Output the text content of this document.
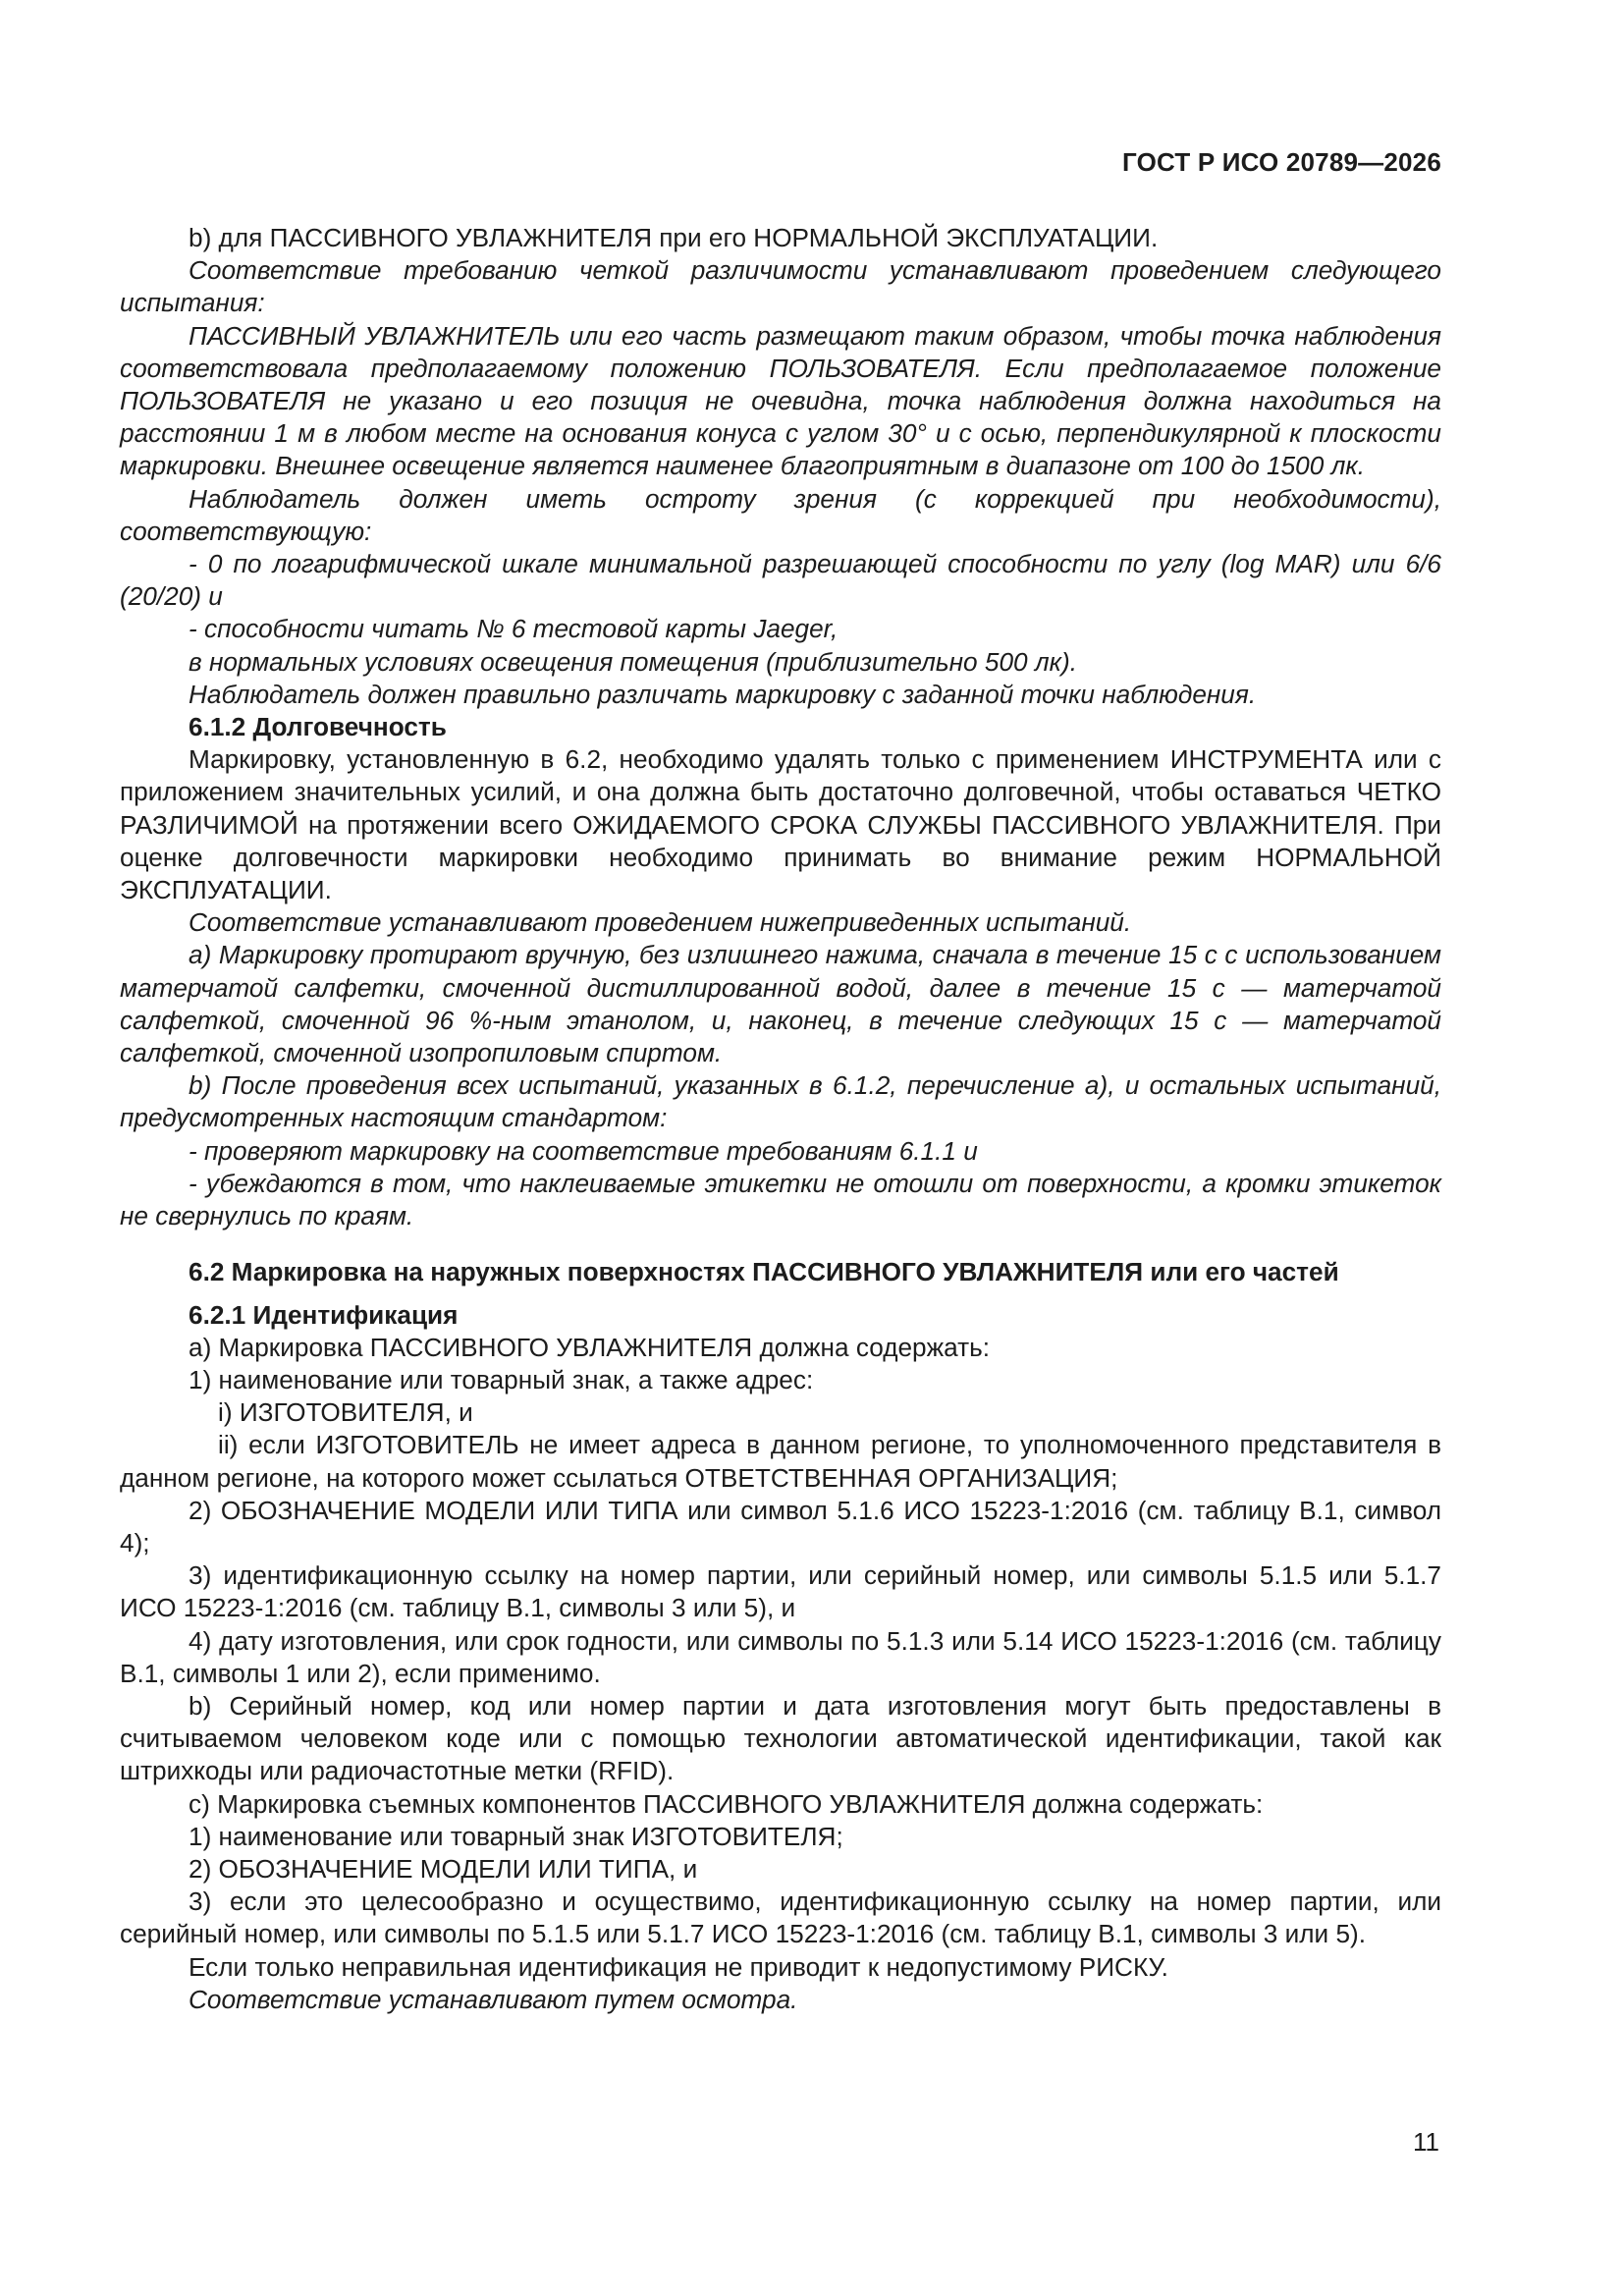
ГОСТ Р ИСО 20789—2026

b) для ПАССИВНОГО УВЛАЖНИТЕЛЯ при его НОРМАЛЬНОЙ ЭКСПЛУАТАЦИИ.

Соответствие требованию четкой различимости устанавливают проведением следующего испытания:

ПАССИВНЫЙ УВЛАЖНИТЕЛЬ или его часть размещают таким образом, чтобы точка наблюдения соответствовала предполагаемому положению ПОЛЬЗОВАТЕЛЯ. Если предполагаемое положение ПОЛЬЗОВАТЕЛЯ не указано и его позиция не очевидна, точка наблюдения должна находиться на расстоянии 1 м в любом месте на основания конуса с углом 30° и с осью, перпендикулярной к плоскости маркировки. Внешнее освещение является наименее благоприятным в диапазоне от 100 до 1500 лк.

Наблюдатель должен иметь остроту зрения (с коррекцией при необходимости), соответствующую:

- 0 по логарифмической шкале минимальной разрешающей способности по углу (log MAR) или 6/6 (20/20) и

- способности читать № 6 тестовой карты Jaeger,

в нормальных условиях освещения помещения (приблизительно 500 лк).

Наблюдатель должен правильно различать маркировку с заданной точки наблюдения.

6.1.2 Долговечность

Маркировку, установленную в 6.2, необходимо удалять только с применением ИНСТРУМЕНТА или с приложением значительных усилий, и она должна быть достаточно долговечной, чтобы оставаться ЧЕТКО РАЗЛИЧИМОЙ на протяжении всего ОЖИДАЕМОГО СРОКА СЛУЖБЫ ПАССИВНОГО УВЛАЖНИТЕЛЯ. При оценке долговечности маркировки необходимо принимать во внимание режим НОРМАЛЬНОЙ ЭКСПЛУАТАЦИИ.

Соответствие устанавливают проведением нижеприведенных испытаний.

a) Маркировку протирают вручную, без излишнего нажима, сначала в течение 15 с с использованием матерчатой салфетки, смоченной дистиллированной водой, далее в течение 15 с — матерчатой салфеткой, смоченной 96 %-ным этанолом, и, наконец, в течение следующих 15 с — матерчатой салфеткой, смоченной изопропиловым спиртом.

b) После проведения всех испытаний, указанных в 6.1.2, перечисление a), и остальных испытаний, предусмотренных настоящим стандартом:

- проверяют маркировку на соответствие требованиям 6.1.1 и

- убеждаются в том, что наклеиваемые этикетки не отошли от поверхности, а кромки этикеток не свернулись по краям.

6.2 Маркировка на наружных поверхностях ПАССИВНОГО УВЛАЖНИТЕЛЯ или его частей

6.2.1 Идентификация

a) Маркировка ПАССИВНОГО УВЛАЖНИТЕЛЯ должна содержать:

1) наименование или товарный знак, а также адрес:

i) ИЗГОТОВИТЕЛЯ, и

ii) если ИЗГОТОВИТЕЛЬ не имеет адреса в данном регионе, то уполномоченного представителя в данном регионе, на которого может ссылаться ОТВЕТСТВЕННАЯ ОРГАНИЗАЦИЯ;

2) ОБОЗНАЧЕНИЕ МОДЕЛИ ИЛИ ТИПА или символ 5.1.6 ИСО 15223-1:2016 (см. таблицу В.1, символ 4);

3) идентификационную ссылку на номер партии, или серийный номер, или символы 5.1.5 или 5.1.7 ИСО 15223-1:2016 (см. таблицу В.1, символы 3 или 5), и

4) дату изготовления, или срок годности, или символы по 5.1.3 или 5.14 ИСО 15223-1:2016 (см. таблицу В.1, символы 1 или 2), если применимо.

b) Серийный номер, код или номер партии и дата изготовления могут быть предоставлены в считываемом человеком коде или с помощью технологии автоматической идентификации, такой как штрихкоды или радиочастотные метки (RFID).

c) Маркировка съемных компонентов ПАССИВНОГО УВЛАЖНИТЕЛЯ должна содержать:

1) наименование или товарный знак ИЗГОТОВИТЕЛЯ;

2) ОБОЗНАЧЕНИЕ МОДЕЛИ ИЛИ ТИПА, и

3) если это целесообразно и осуществимо, идентификационную ссылку на номер партии, или серийный номер, или символы по 5.1.5 или 5.1.7 ИСО 15223-1:2016 (см. таблицу В.1, символы 3 или 5).

Если только неправильная идентификация не приводит к недопустимому РИСКУ.

Соответствие устанавливают путем осмотра.

11
